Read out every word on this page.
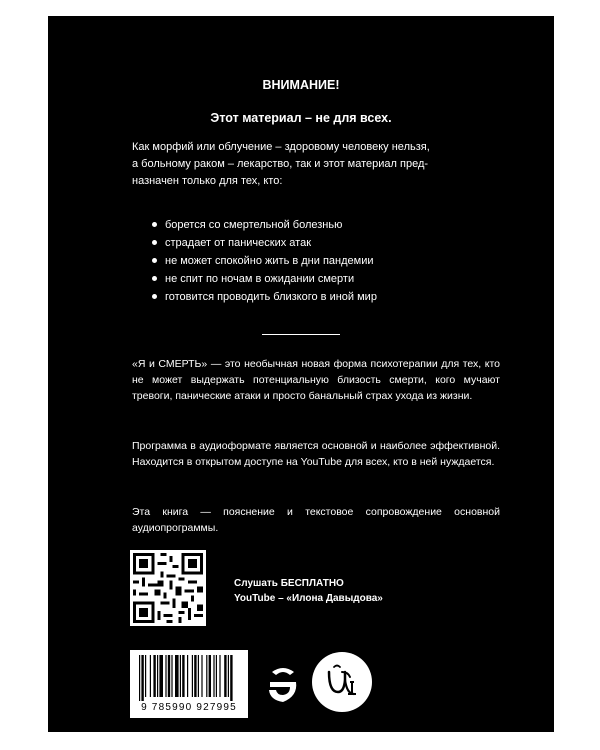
ВНИМАНИЕ!
Этот материал – не для всех.

Как морфий или облучение – здоровому человеку нельзя,
а больному раком – лекарство, так и этот материал пред-
назначен только для тех, кто:

борется со смертельной болезнью
страдает от панических атак
не может спокойно жить в дни пандемии
не спит по ночам в ожидании смерти
готовится проводить близкого в иной мир

«Я и СМЕРТЬ» — это необычная новая форма психотерапии для тех, кто не может выдержать потенциальную близость смерти, кого мучают тревоги, панические атаки и просто банальный страх ухода из жизни.

Программа в аудиоформате является основной и наиболее эффективной. Находится в открытом доступе на YouTube для всех, кто в ней нуждается.

Эта книга — пояснение и текстовое сопровождение основной аудиопрограммы.

Слушать БЕСПЛАТНО
YouTube – «Илона Давыдова»
9 785990 927995
